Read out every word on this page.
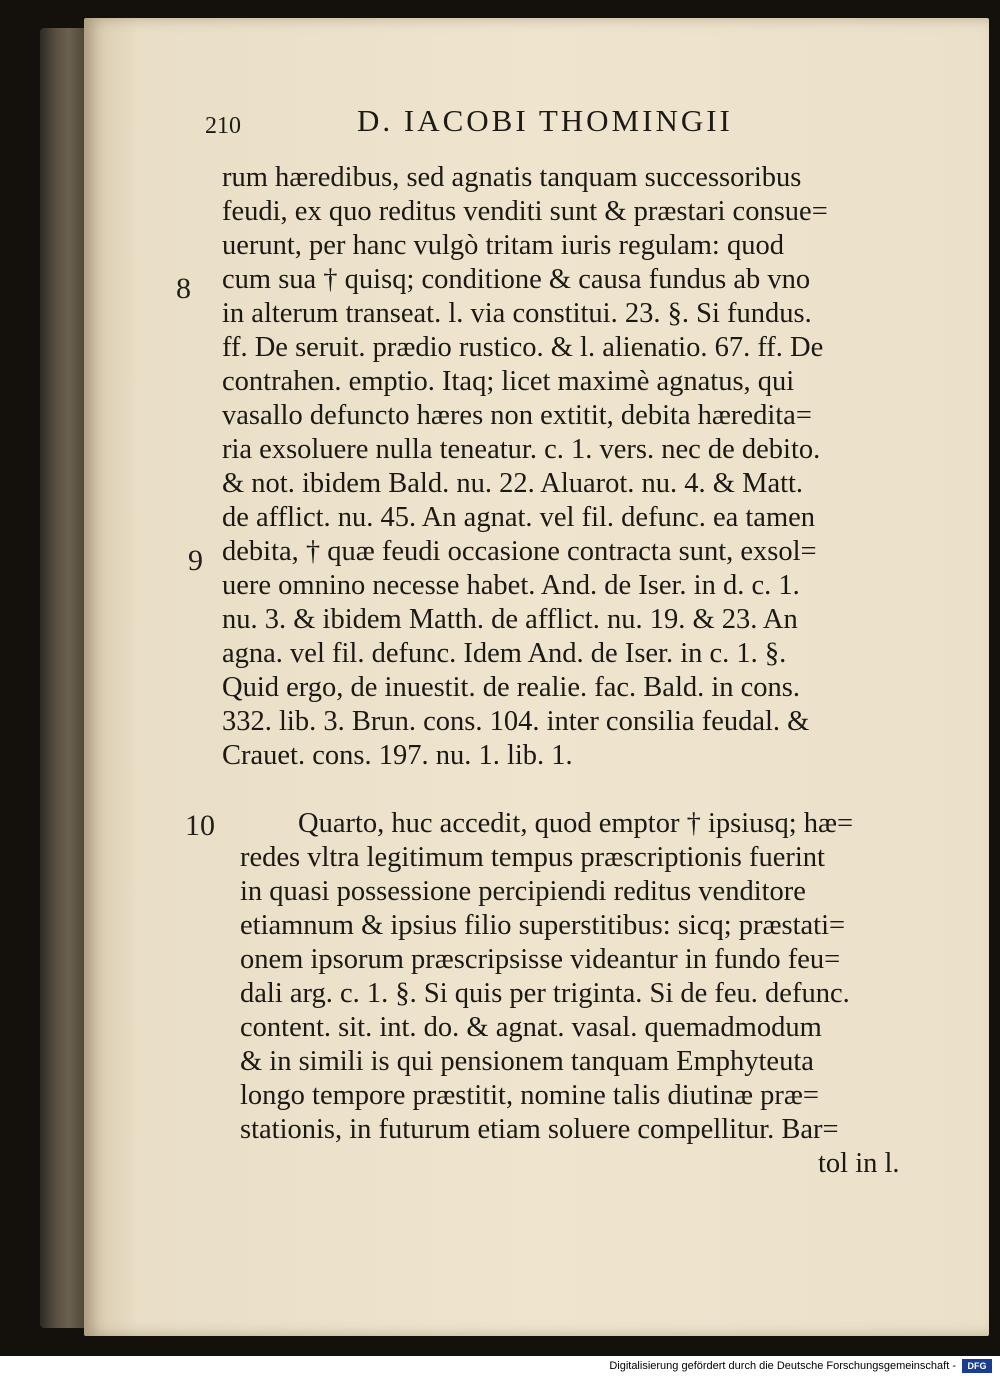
210	D. IACOBI THOMINGII
8
9
10
rum hæredibus, sed agnatis tanquam successoribus
feudi, ex quo reditus venditi sunt & præstari consue=
uerunt, per hanc vulgò tritam iuris regulam: quod
cum sua † quisq; conditione & causa fundus ab vno
in alterum transeat. l. via constitui. 23. §. Si fundus.
ff. De seruit. prædio rustico. & l. alienatio. 67. ff. De
contrahen. emptio. Itaq; licet maximè agnatus, qui
vasallo defuncto hæres non extitit, debita hæredita=
ria exsoluere nulla teneatur. c. 1. vers. nec de debito.
& not. ibidem Bald. nu. 22. Aluarot. nu. 4. & Matt.
de afflict. nu. 45. An agnat. vel fil. defunc. ea tamen
debita, † quæ feudi occasione contracta sunt, exsol=
uere omnino necesse habet. And. de Iser. in d. c. 1.
nu. 3. & ibidem Matth. de afflict. nu. 19. & 23. An
agna. vel fil. defunc. Idem And. de Iser. in c. 1. §.
Quid ergo, de inuestit. de realie. fac. Bald. in cons.
332. lib. 3. Brun. cons. 104. inter consilia feudal. &
Crauet. cons. 197. nu. 1. lib. 1.
Quarto, huc accedit, quod emptor † ipsiusq; hæ=
redes vltra legitimum tempus præscriptionis fuerint
in quasi possessione percipiendi reditus venditore
etiamnum & ipsius filio superstitibus: sicq; præstati=
onem ipsorum præscripsisse videantur in fundo feu=
dali arg. c. 1. §. Si quis per triginta. Si de feu. defunc.
content. sit. int. do. & agnat. vasal. quemadmodum
& in simili is qui pensionem tanquam Emphyteuta
longo tempore præstitit, nomine talis diutinæ præ=
stationis, in futurum etiam soluere compellitur. Bar=
tol in l.
Digitalisierung gefördert durch die Deutsche Forschungsgemeinschaft -	DFG
